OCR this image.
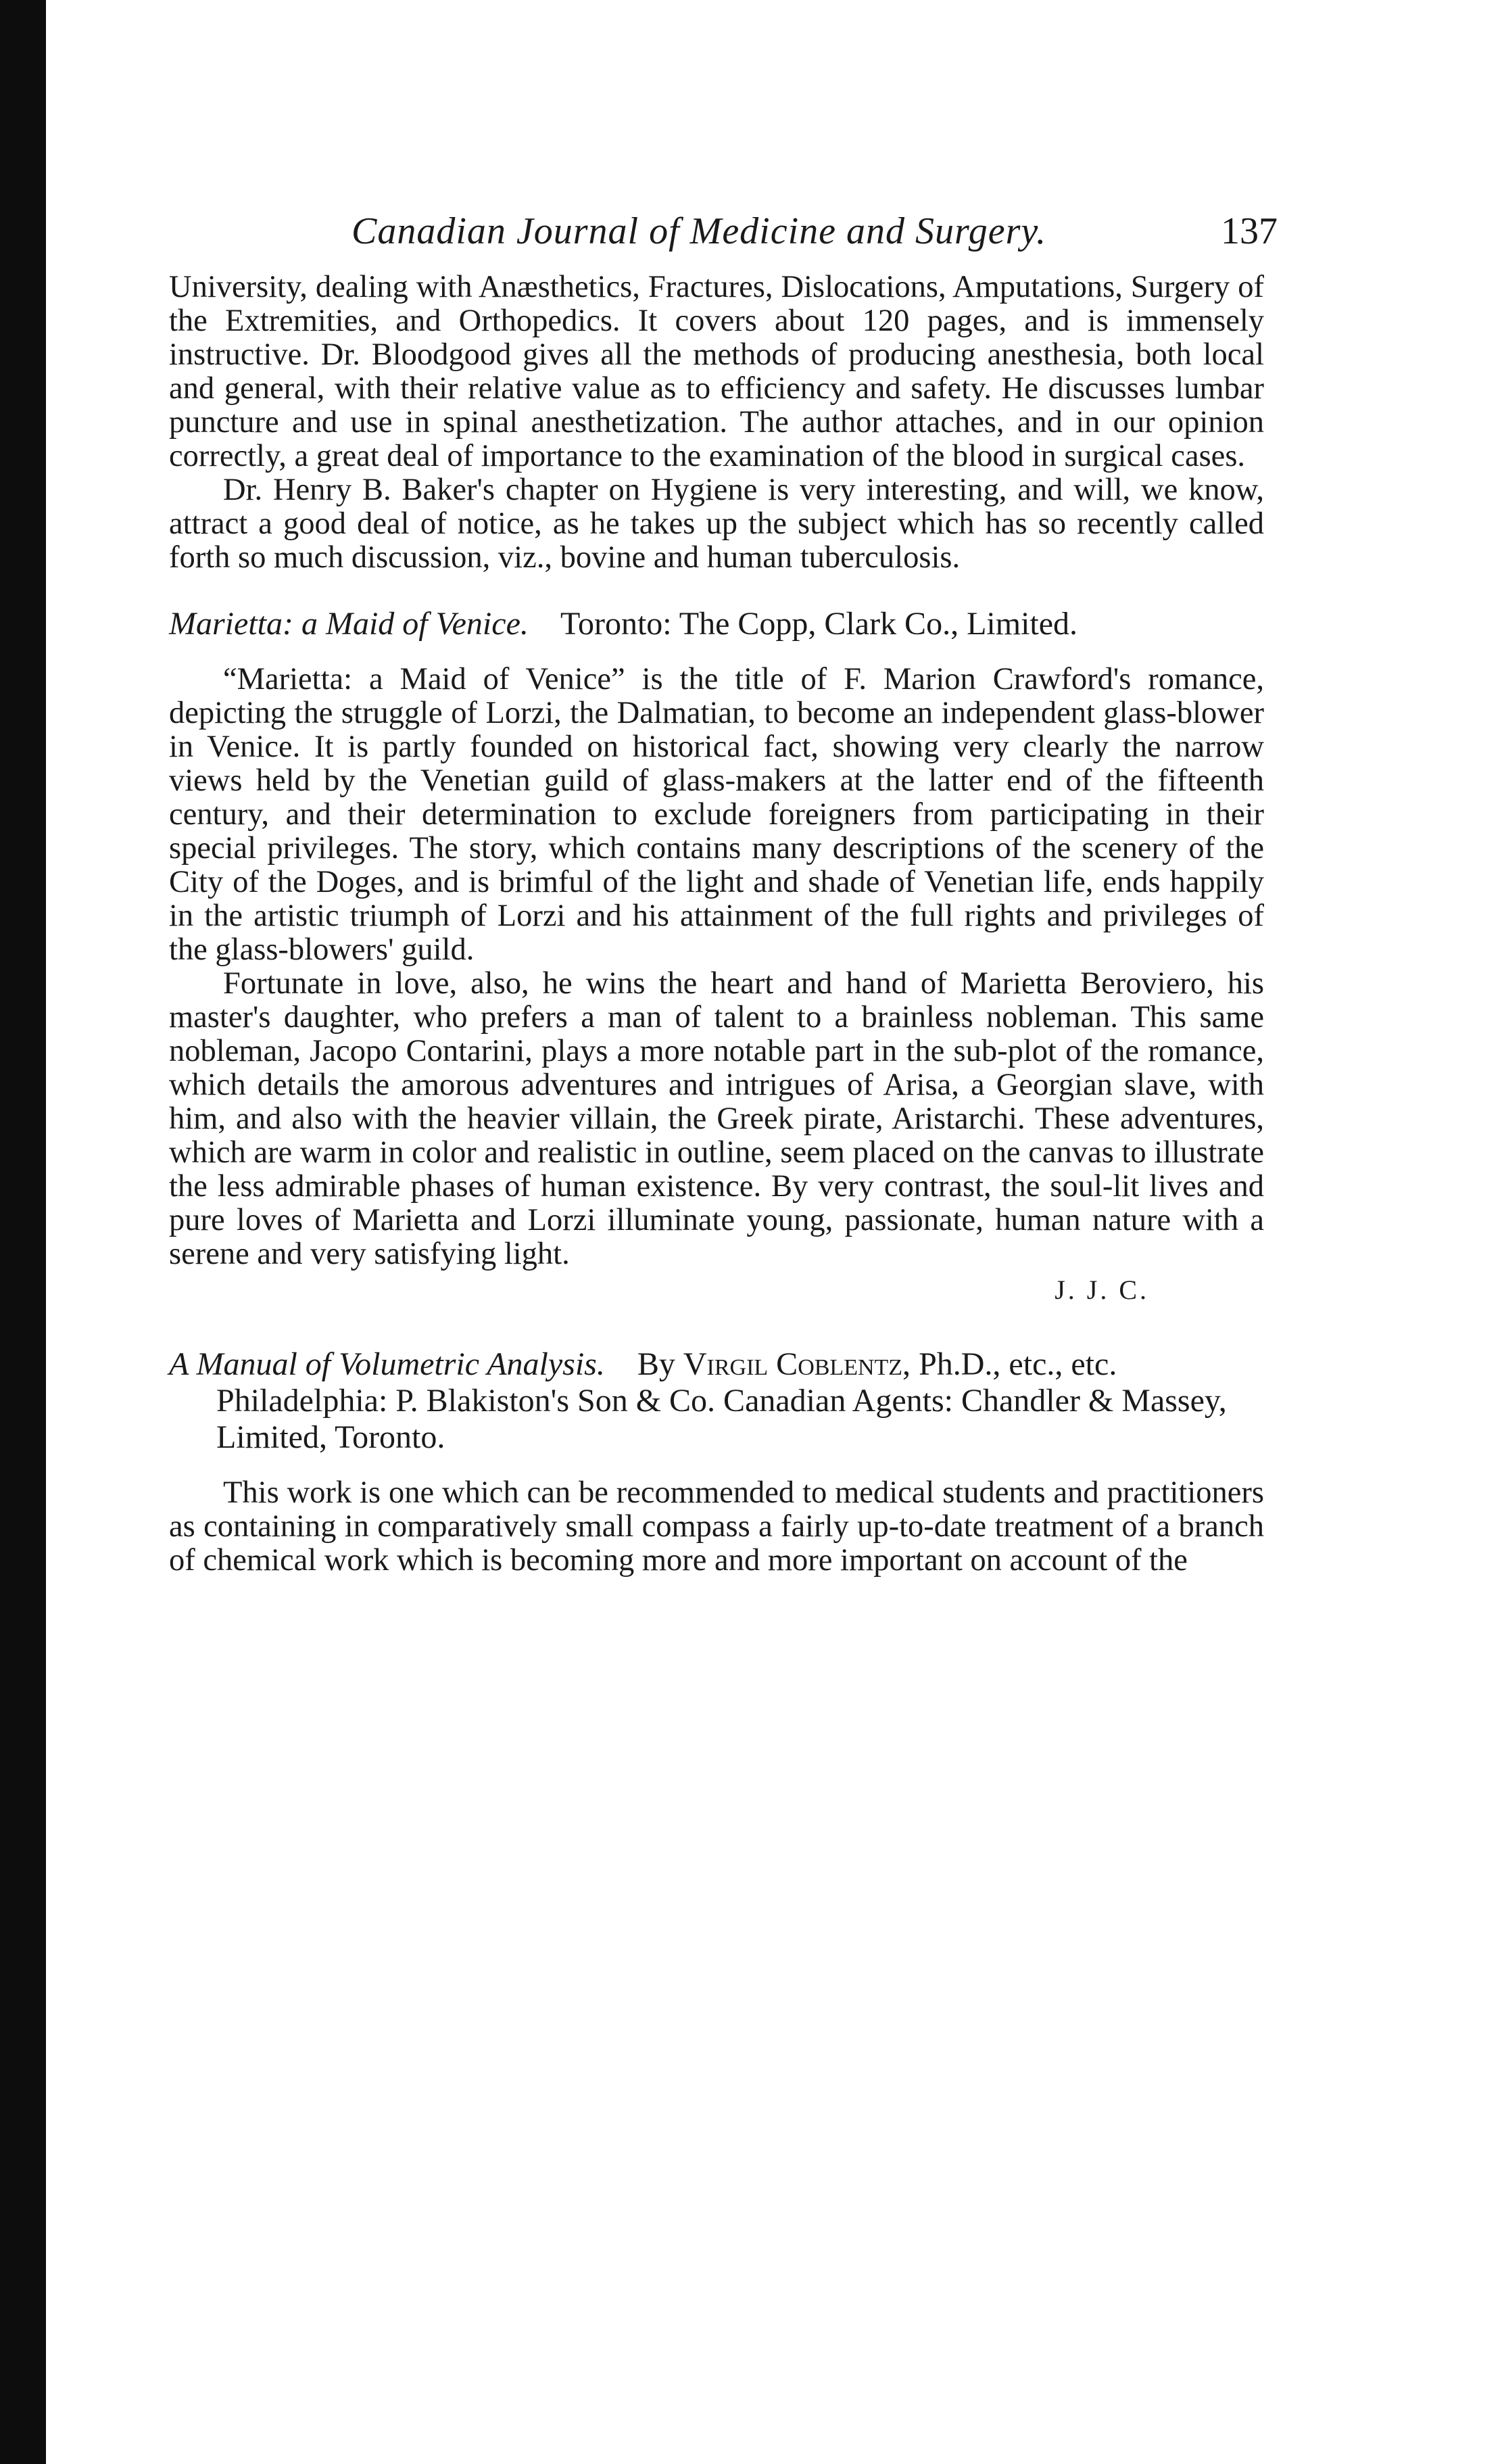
Canadian Journal of Medicine and Surgery.	137

University, dealing with Anæsthetics, Fractures, Dislocations, Amputations, Surgery of the Extremities, and Orthopedics. It covers about 120 pages, and is immensely instructive. Dr. Bloodgood gives all the methods of producing anesthesia, both local and general, with their relative value as to efficiency and safety. He discusses lumbar puncture and use in spinal anesthetization. The author attaches, and in our opinion correctly, a great deal of importance to the examination of the blood in surgical cases.

Dr. Henry B. Baker's chapter on Hygiene is very interesting, and will, we know, attract a good deal of notice, as he takes up the subject which has so recently called forth so much discussion, viz., bovine and human tuberculosis.

Marietta: a Maid of Venice. Toronto: The Copp, Clark Co., Limited.

“Marietta: a Maid of Venice” is the title of F. Marion Crawford's romance, depicting the struggle of Lorzi, the Dalmatian, to become an independent glass-blower in Venice. It is partly founded on historical fact, showing very clearly the narrow views held by the Venetian guild of glass-makers at the latter end of the fifteenth century, and their determination to exclude foreigners from participating in their special privileges. The story, which contains many descriptions of the scenery of the City of the Doges, and is brimful of the light and shade of Venetian life, ends happily in the artistic triumph of Lorzi and his attainment of the full rights and privileges of the glass-blowers' guild.

Fortunate in love, also, he wins the heart and hand of Marietta Beroviero, his master's daughter, who prefers a man of talent to a brainless nobleman. This same nobleman, Jacopo Contarini, plays a more notable part in the sub-plot of the romance, which details the amorous adventures and intrigues of Arisa, a Georgian slave, with him, and also with the heavier villain, the Greek pirate, Aristarchi. These adventures, which are warm in color and realistic in outline, seem placed on the canvas to illustrate the less admirable phases of human existence. By very contrast, the soul-lit lives and pure loves of Marietta and Lorzi illuminate young, passionate, human nature with a serene and very satisfying light.

J. J. C.
A Manual of Volumetric Analysis. By Virgil Coblentz, Ph.D., etc., etc. Philadelphia: P. Blakiston's Son & Co. Canadian Agents: Chandler & Massey, Limited, Toronto.

This work is one which can be recommended to medical students and practitioners as containing in comparatively small compass a fairly up-to-date treatment of a branch of chemical work which is becoming more and more important on account of the
